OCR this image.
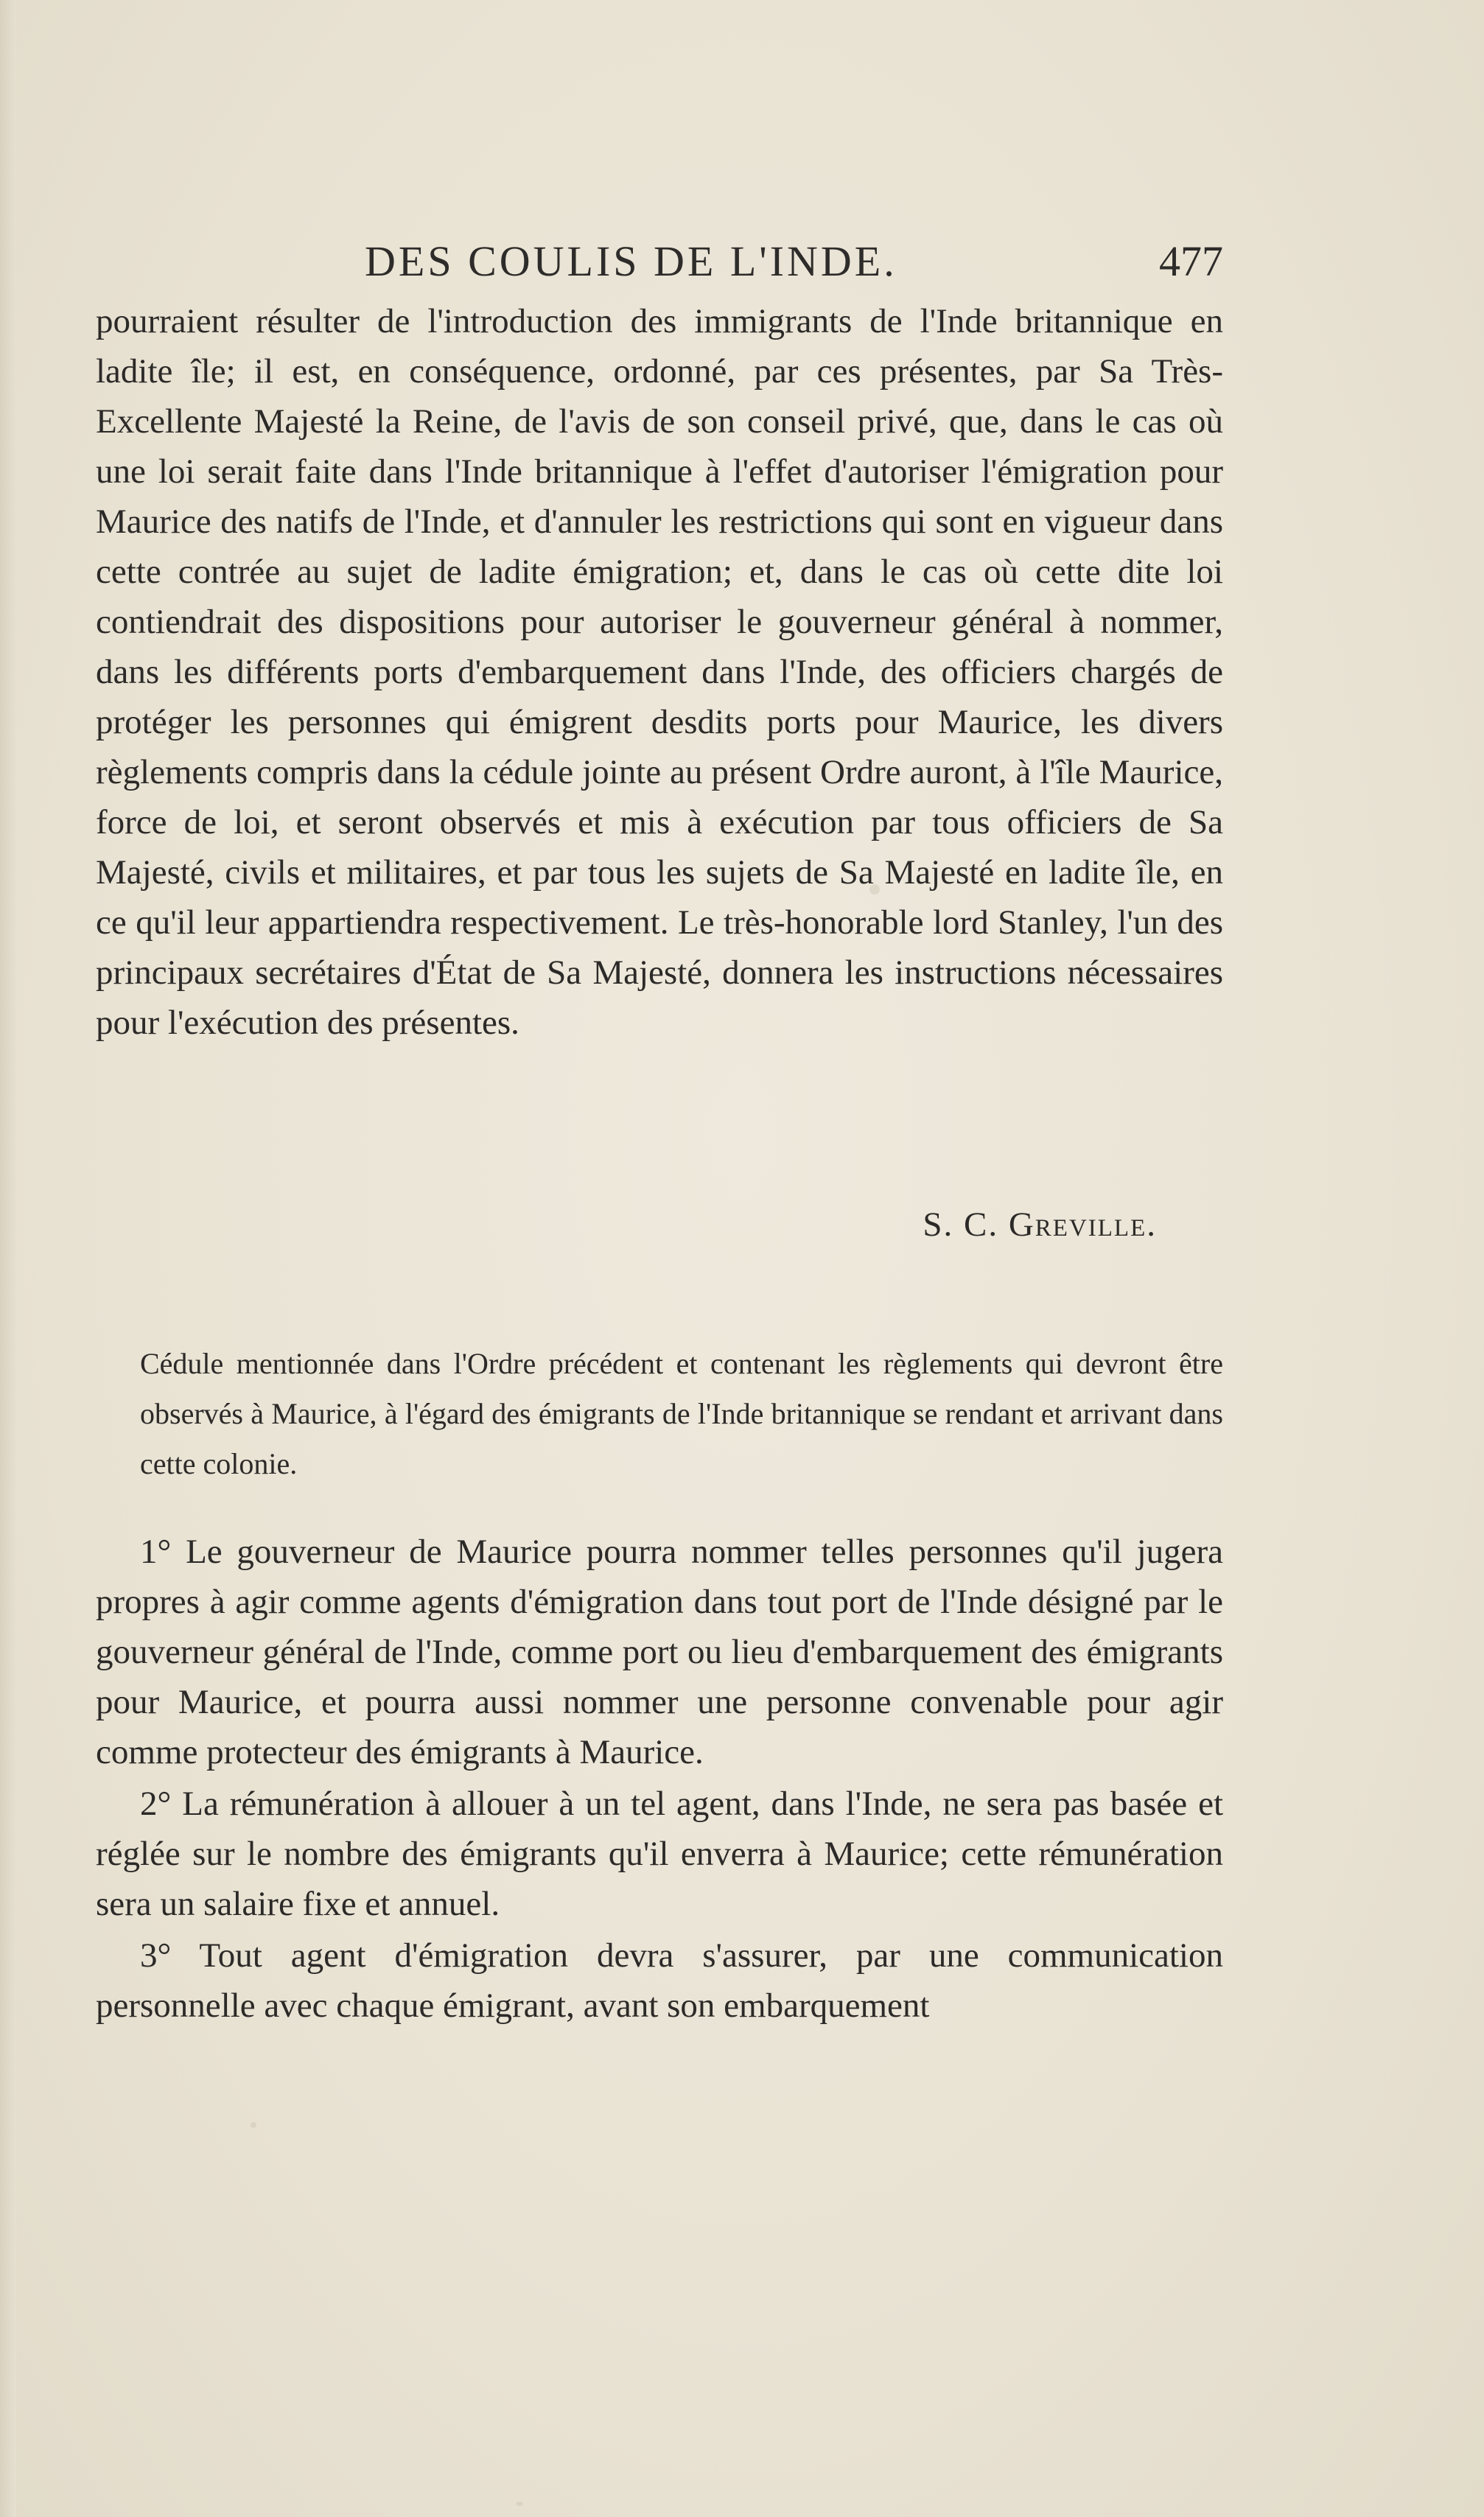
DES COULIS DE L'INDE.	477

pourraient résulter de l'introduction des immigrants de l'Inde britannique en ladite île; il est, en conséquence, ordonné, par ces présentes, par Sa Très-Excellente Majesté la Reine, de l'avis de son conseil privé, que, dans le cas où une loi serait faite dans l'Inde britannique à l'effet d'autoriser l'émigration pour Maurice des natifs de l'Inde, et d'annuler les restrictions qui sont en vigueur dans cette contrée au sujet de ladite émigration; et, dans le cas où cette dite loi contiendrait des dispositions pour autoriser le gouverneur général à nommer, dans les différents ports d'embarquement dans l'Inde, des officiers chargés de protéger les personnes qui émigrent desdits ports pour Maurice, les divers règlements compris dans la cédule jointe au présent Ordre auront, à l'île Maurice, force de loi, et seront observés et mis à exécution par tous officiers de Sa Majesté, civils et militaires, et par tous les sujets de Sa Majesté en ladite île, en ce qu'il leur appartiendra respectivement. Le très-honorable lord Stanley, l'un des principaux secrétaires d'État de Sa Majesté, donnera les instructions nécessaires pour l'exécution des présentes.

S. C. Greville.
Cédule mentionnée dans l'Ordre précédent et contenant les règlements qui devront être observés à Maurice, à l'égard des émigrants de l'Inde britannique se rendant et arrivant dans cette colonie.

1° Le gouverneur de Maurice pourra nommer telles personnes qu'il jugera propres à agir comme agents d'émigration dans tout port de l'Inde désigné par le gouverneur général de l'Inde, comme port ou lieu d'embarquement des émigrants pour Maurice, et pourra aussi nommer une personne convenable pour agir comme protecteur des émigrants à Maurice.

2° La rémunération à allouer à un tel agent, dans l'Inde, ne sera pas basée et réglée sur le nombre des émigrants qu'il enverra à Maurice; cette rémunération sera un salaire fixe et annuel.

3° Tout agent d'émigration devra s'assurer, par une communication personnelle avec chaque émigrant, avant son embarquement
